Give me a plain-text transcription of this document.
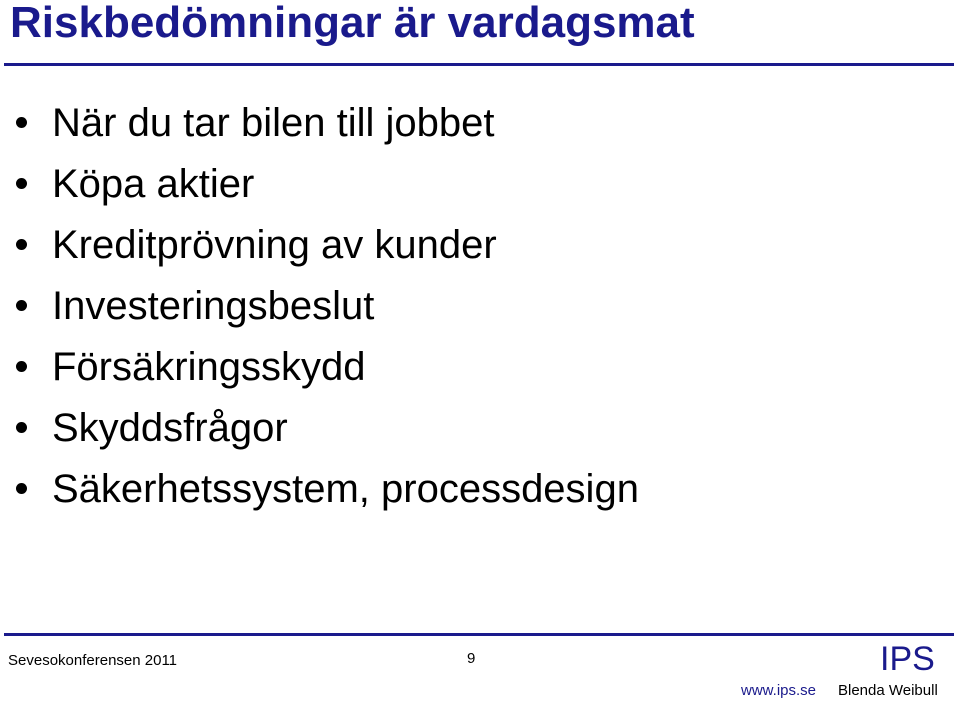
Riskbedömningar är vardagsmat
När du tar bilen till jobbet
Köpa aktier
Kreditprövning av kunder
Investeringsbeslut
Försäkringsskydd
Skyddsfrågor
Säkerhetssystem, processdesign
Sevesokonferensen 2011	9	IPS
www.ips.se Blenda Weibull
